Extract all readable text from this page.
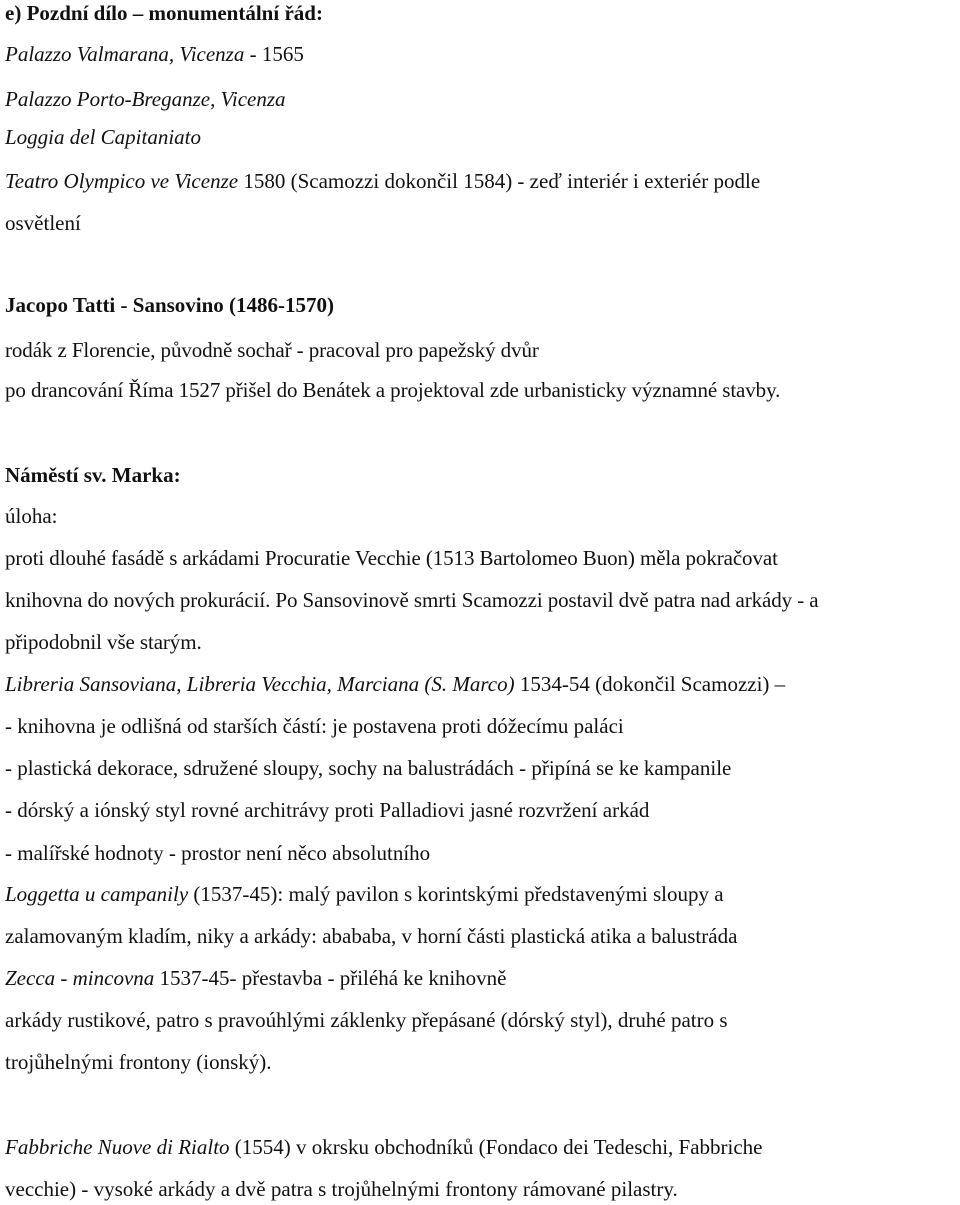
e) Pozdní dílo – monumentální řád:
Palazzo Valmarana, Vicenza - 1565
Palazzo Porto-Breganze, Vicenza
Loggia del Capitaniato
Teatro Olympico ve Vicenze 1580 (Scamozzi dokončil 1584) - zeď interiér i exteriér podle
osvětlení
Jacopo Tatti - Sansovino (1486-1570)
rodák z Florencie, původně sochař - pracoval pro papežský dvůr
po drancování Říma 1527 přišel do Benátek a projektoval zde urbanisticky významné stavby.
Náměstí sv. Marka:
úloha:
proti dlouhé fasádě s arkádami Procuratie Vecchie (1513 Bartolomeo Buon) měla pokračovat
knihovna do nových prokurácií. Po Sansovinově smrti Scamozzi postavil dvě patra nad arkády - a
připodobnil vše starým.
Libreria Sansoviana, Libreria Vecchia, Marciana (S. Marco) 1534-54 (dokončil Scamozzi) –
- knihovna je odlišná od starších částí: je postavena proti dóžecímu paláci
- plastická dekorace, sdružené sloupy, sochy na balustrádách - připíná se ke kampanile
- dórský a iónský styl rovné architrávy proti Palladiovi jasné rozvržení arkád
- malířské hodnoty - prostor není něco absolutního
Loggetta u campanily (1537-45): malý pavilon s korintskými představenými sloupy a
zalamovaným kladím, niky a arkády: abababa, v horní části plastická atika a balustráda
Zecca - mincovna 1537-45- přestavba - přiléhá ke knihovně
arkády rustikové, patro s pravoúhlými záklenky přepásané (dórský styl), druhé patro s
trojůhelnými frontony (ionský).
Fabbriche Nuove di Rialto (1554) v okrsku obchodníků (Fondaco dei Tedeschi, Fabbriche
vecchie) - vysoké arkády a dvě patra s trojůhelnými frontony rámované pilastry.
